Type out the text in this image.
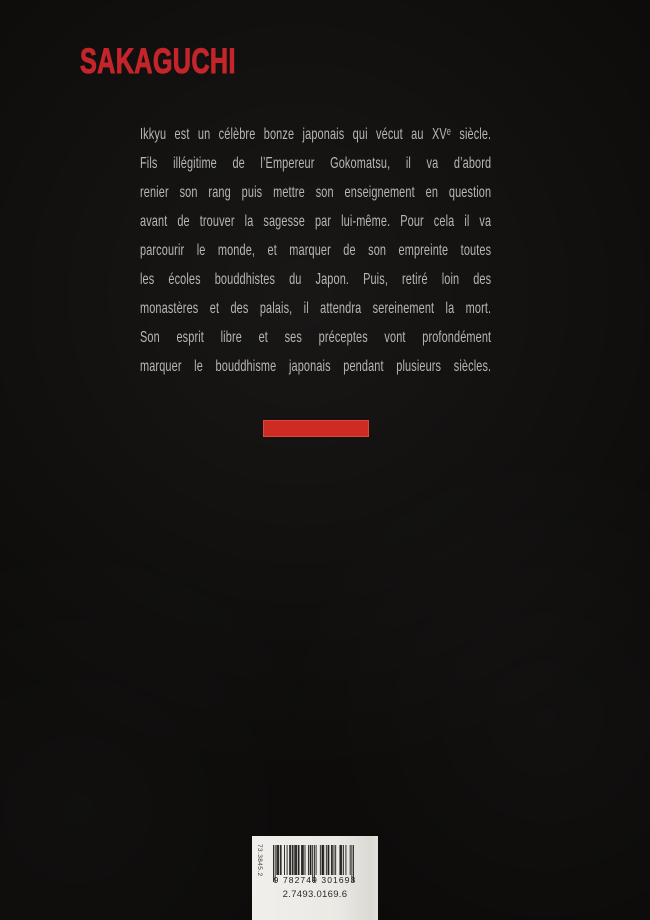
SAKAGUCHI

Ikkyu est un célèbre bonze japonais qui vécut au XVᵉ siècle.

Fils illégitime de l’Empereur Gokomatsu, il va d’abord

renier son rang puis mettre son enseignement en question

avant de trouver la sagesse par lui-même. Pour cela il va

parcourir le monde, et marquer de son empreinte toutes

les écoles bouddhistes du Japon. Puis, retiré loin des

monastères et des palais, il attendra sereinement la mort.

Son esprit libre et ses préceptes vont profondément

marquer le bouddhisme japonais pendant plusieurs siècles.

73.3845.2
9 782749 301693
2.7493.0169.6
